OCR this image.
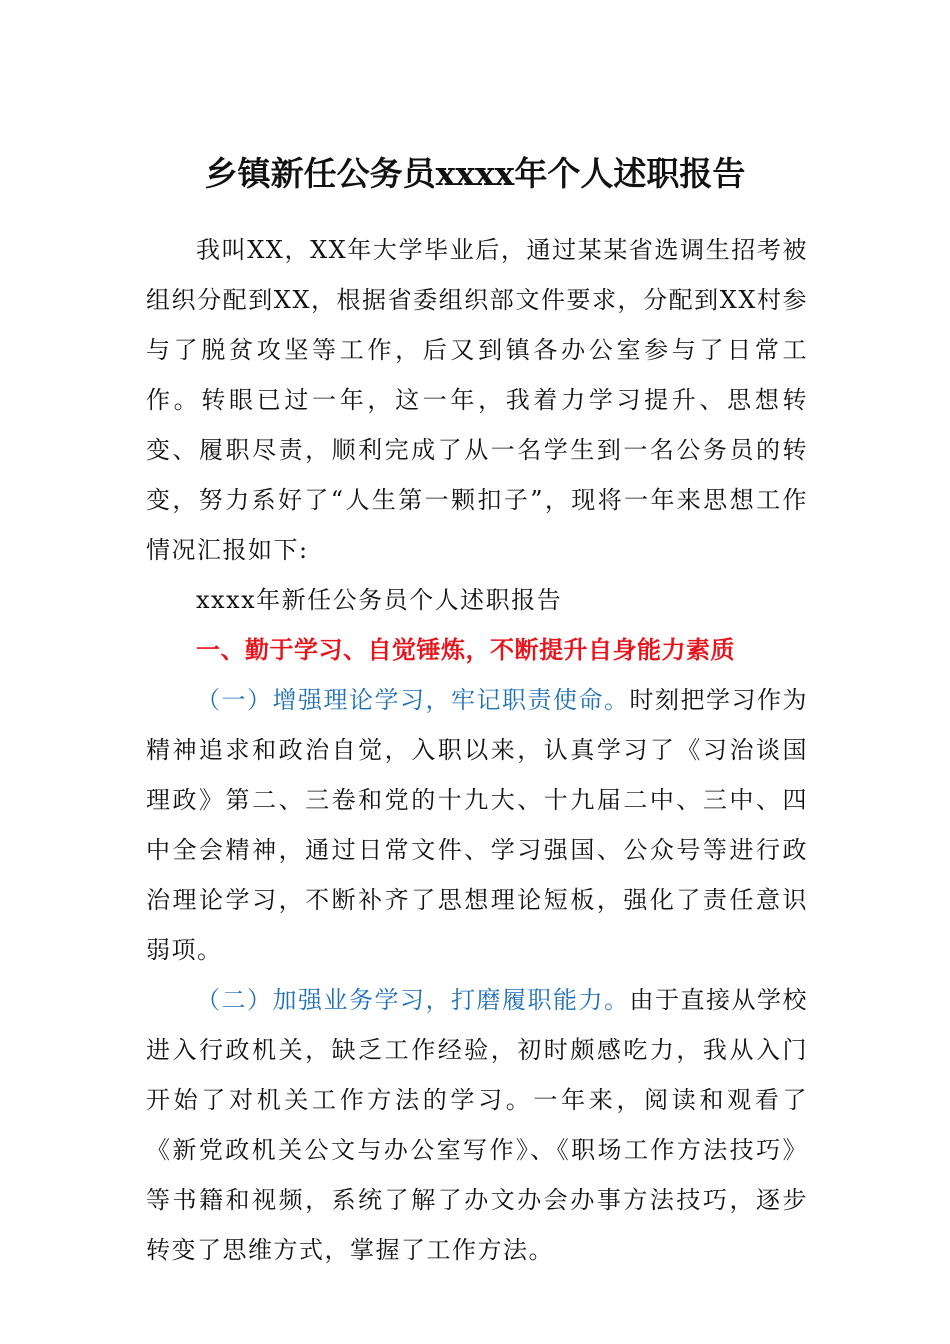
乡镇新任公务员xxxx年个人述职报告

我叫XX，XX年大学毕业后，通过某某省选调生招考被组织分配到XX，根据省委组织部文件要求，分配到XX村参与了脱贫攻坚等工作，后又到镇各办公室参与了日常工作。转眼已过一年，这一年，我着力学习提升、思想转变、履职尽责，顺利完成了从一名学生到一名公务员的转变，努力系好了“人生第一颗扣子”，现将一年来思想工作情况汇报如下:

xxxx年新任公务员个人述职报告

一、勤于学习、自觉锤炼，不断提升自身能力素质

（一）增强理论学习，牢记职责使命。时刻把学习作为精神追求和政治自觉，入职以来，认真学习了《习治谈国理政》第二、三卷和党的十九大、十九届二中、三中、四中全会精神，通过日常文件、学习强国、公众号等进行政治理论学习，不断补齐了思想理论短板，强化了责任意识弱项。

（二）加强业务学习，打磨履职能力。由于直接从学校进入行政机关，缺乏工作经验，初时颇感吃力，我从入门开始了对机关工作方法的学习。一年来，阅读和观看了《新党政机关公文与办公室写作》、《职场工作方法技巧》等书籍和视频，系统了解了办文办会办事方法技巧，逐步转变了思维方式，掌握了工作方法。
